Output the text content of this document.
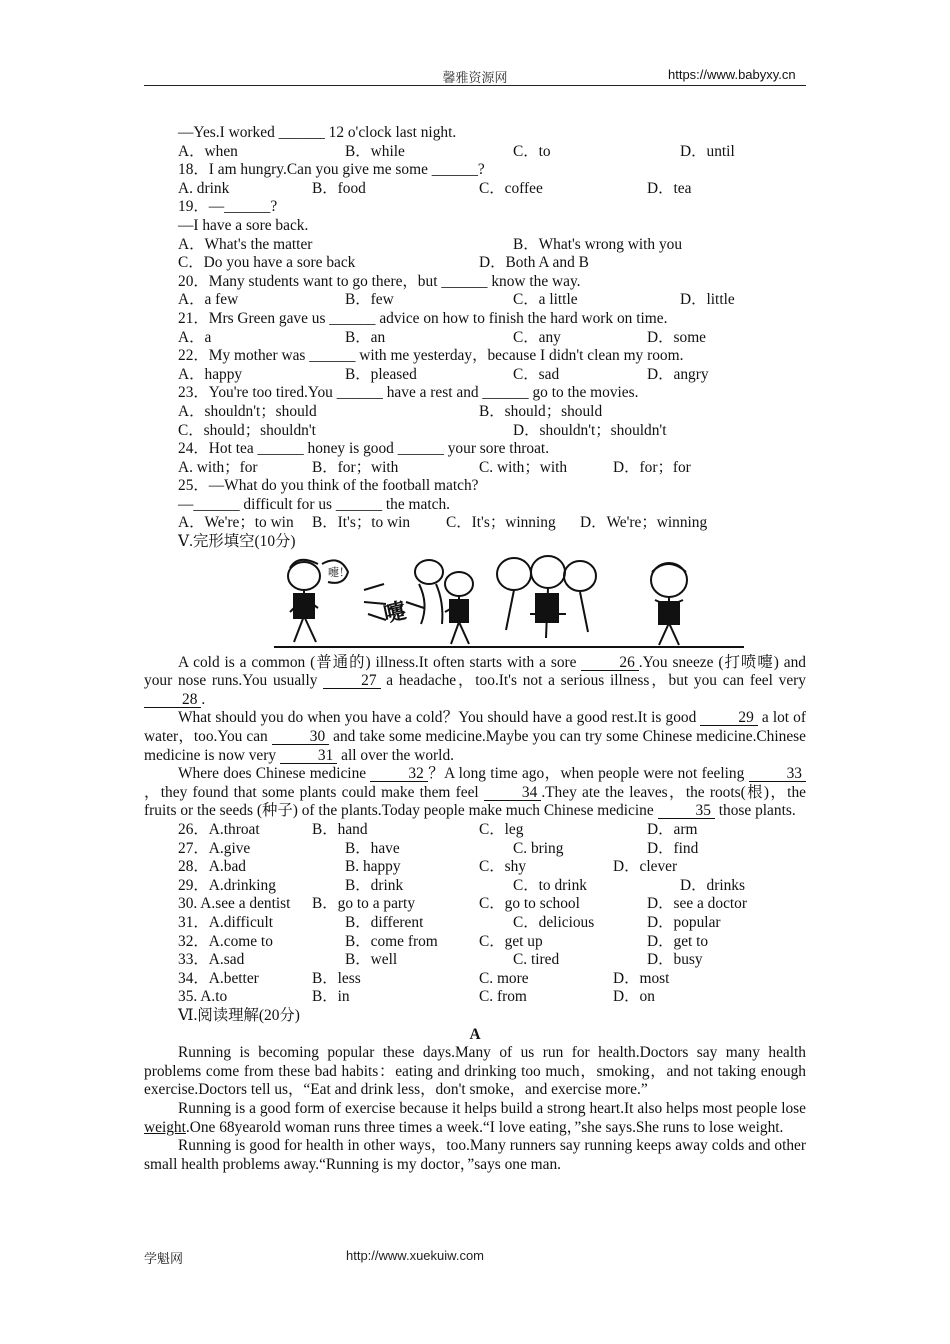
馨雅资源网	https://www.babyxy.cn
—Yes.I worked ______ 12 o'clock last night.
A．when	B．while	C．to	D．until
18．I am hungry.Can you give me some ______?
A. drink	B．food	C．coffee	D．tea
19．—______?
—I have a sore back.
A．What's the matter	B．What's wrong with you
C．Do you have a sore back	D．Both A and B
20．Many students want to go there，but ______ know the way.
A．a few	B．few	C．a little	D．little
21．Mrs Green gave us ______ advice on how to finish the hard work on time.
A．a	B．an	C．any	D．some
22．My mother was ______ with me yesterday，because I didn't clean my room.
A．happy	B．pleased	C．sad	D．angry
23．You're too tired.You ______ have a rest and ______ go to the movies.
A．shouldn't；should	B．should；should
C．should；shouldn't	D．shouldn't；shouldn't
24．Hot tea ______ honey is good ______ your sore throat.
A. with；for	B．for；with	C. with；with	D．for；for
25．—What do you think of the football match?
—______ difficult for us ______ the match.
A．We're；to win B．It's；to win C．It's；winning D．We're；winning
Ⅴ.完形填空(10分)
嚏！
嚏
A cold is a common (普通的) illness.It often starts with a sore 26 .You sneeze (打喷嚏) and your nose runs.You usually 27 a headache，too.It's not a serious illness，but you can feel very 28 .
What should you do when you have a cold？You should have a good rest.It is good 29 a lot of water，too.You can 30 and take some medicine.Maybe you can try some Chinese medicine.Chinese medicine is now very 31 all over the world.
Where does Chinese medicine 32 ？A long time ago，when people were not feeling 33，they found that some plants could make them feel 34 .They ate the leaves，the roots(根)，the fruits or the seeds (种子) of the plants.Today people make much Chinese medicine 35 those plants.
26．A.throat	B．hand	C．leg	D．arm
27．A.give	B．have	C. bring	D．find
28．A.bad	B. happy	C．shy	D．clever
29．A.drinking	B．drink	C．to drink	D．drinks
30. A.see a dentist B．go to a party	C．go to school	D．see a doctor
31．A.difficult	B．different	C．delicious	D．popular
32．A.come to	B．come from	C．get up	D．get to
33．A.sad	B．well	C. tired	D．busy
34．A.better	B．less	C. more	D．most
35. A.to	B．in	C. from	D．on
Ⅵ.阅读理解(20分)
A
Running is becoming popular these days.Many of us run for health.Doctors say many health problems come from these bad habits：eating and drinking too much，smoking，and not taking enough exercise.Doctors tell us，“Eat and drink less，don't smoke，and exercise more.”
Running is a good form of exercise because it helps build a strong heart.It also helps most people lose weight.One 68yearold woman runs three times a week.“I love eating，”she says.She runs to lose weight.
Running is good for health in other ways，too.Many runners say running keeps away colds and other small health problems away.“Running is my doctor，”says one man.
学魁网	http://www.xuekuiw.com
